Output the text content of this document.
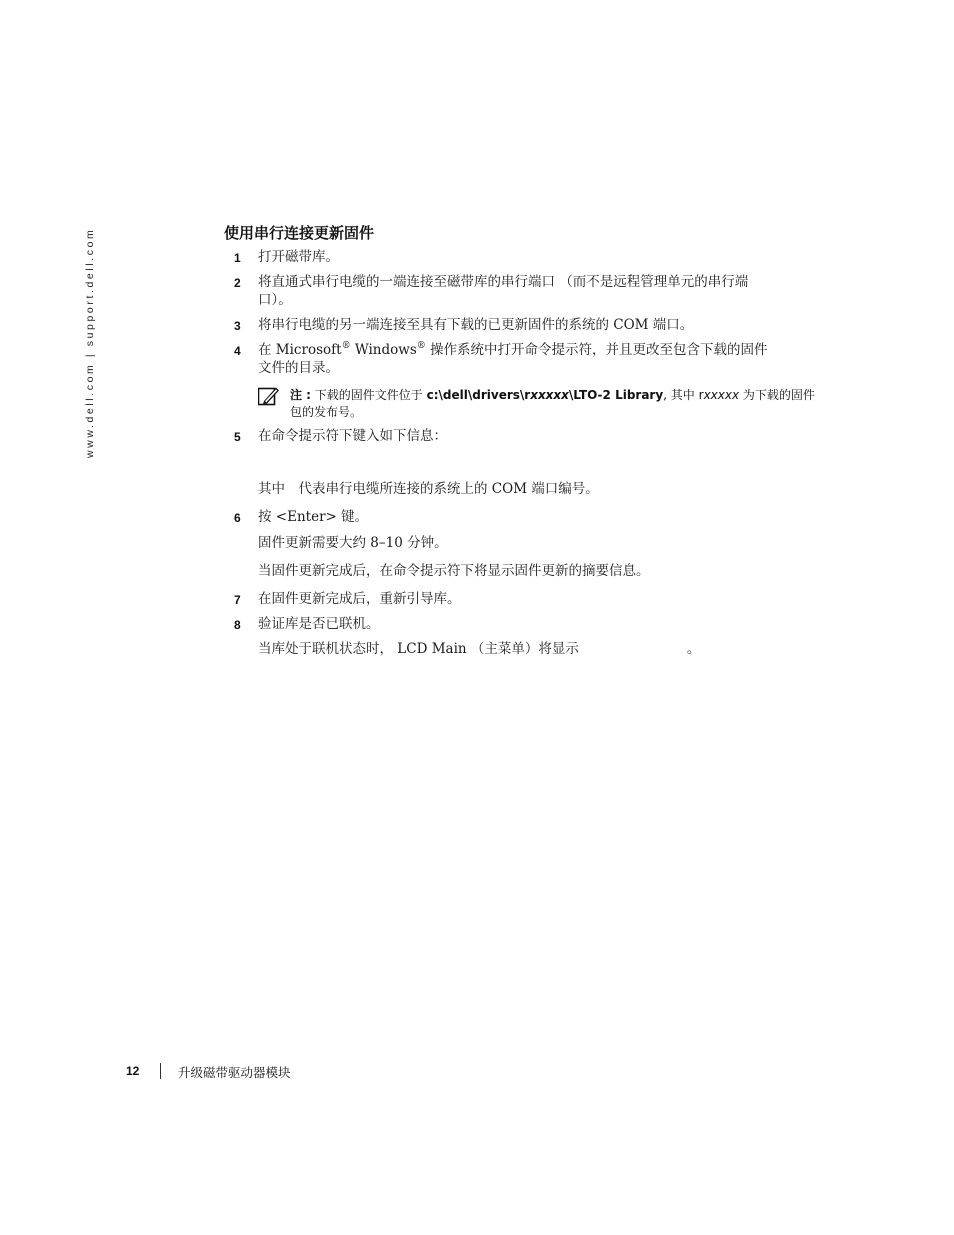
www.dell.com | support.dell.com	使用串行连接更新固件
1 打开磁带库。
2 将直通式串行电缆的一端连接至磁带库的串行端口 （而不是远程管理单元的串行端
口）。
3 将串行电缆的另一端连接至具有下载的已更新固件的系统的 COM 端口。
4 在 Microsoft® Windows® 操作系统中打开命令提示符，并且更改至包含下载的固件
文件的目录。
注 : 下载的固件文件位于 c:\dell\drivers\rxxxxx\LTO-2 Library, 其中 rxxxxx 为下载的固件
包的发布号。
5 在命令提示符下键入如下信息：
其中　代表串行电缆所连接的系统上的 COM 端口编号。
6 按 <Enter> 键。
固件更新需要大约 8–10 分钟。
当固件更新完成后，在命令提示符下将显示固件更新的摘要信息。
7 在固件更新完成后，重新引导库。
8 验证库是否已联机。
当库处于联机状态时， LCD Main （主菜单）将显示　　　　　　　　。
12	升级磁带驱动器模块
